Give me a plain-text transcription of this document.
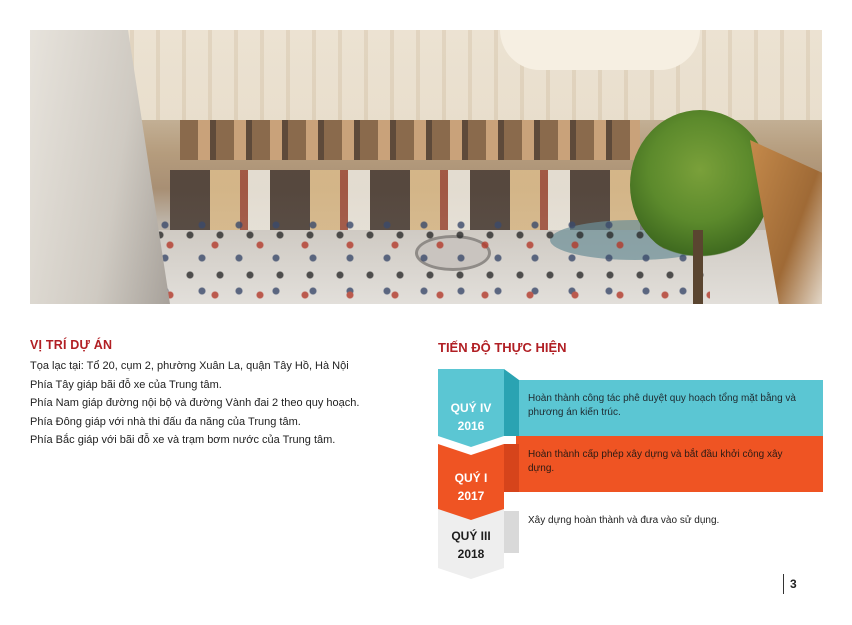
VỊ TRÍ DỰ ÁN

Tọa lạc tại: Tổ 20, cụm 2, phường Xuân La, quận Tây Hồ, Hà Nội

Phía Tây giáp bãi đỗ xe của Trung tâm.

Phía Nam giáp đường nội bộ và đường Vành đai 2 theo quy hoạch.

Phía Đông giáp với nhà thi đấu đa năng của Trung tâm.

Phía Bắc giáp với bãi đỗ xe và trạm bơm nước của Trung tâm.

TIẾN ĐỘ THỰC HIỆN
Hoàn thành công tác phê duyệt quy hoạch tổng mặt bằng và phương án kiến trúc.
Hoàn thành cấp phép xây dựng và bắt đầu khởi công xây dựng.
Xây dựng hoàn thành và đưa vào sử dụng.
QUÝ IV
2016
QUÝ I
2017
QUÝ III
2018
3
